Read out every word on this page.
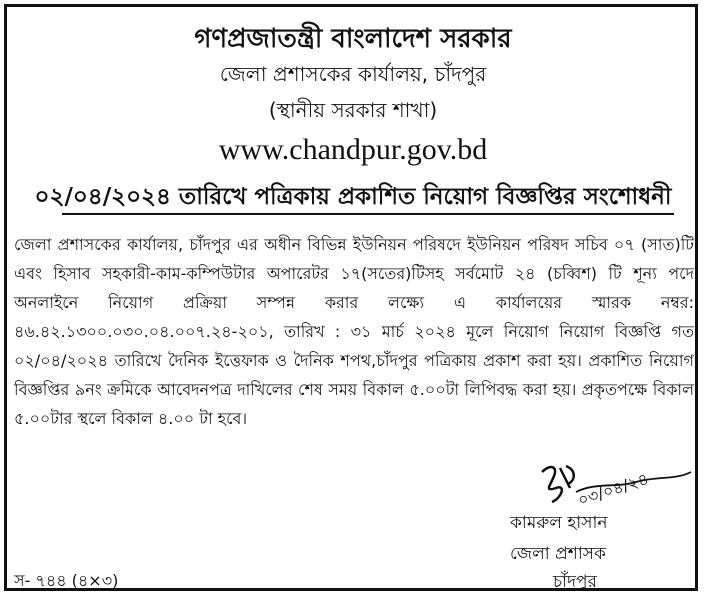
গণপ্রজাতন্ত্রী বাংলাদেশ সরকার
জেলা প্রশাসকের কার্যালয়, চাঁদপুর
(স্থানীয় সরকার শাখা)
www.chandpur.gov.bd
০২/০৪/২০২৪ তারিখে পত্রিকায় প্রকাশিত নিয়োগ বিজ্ঞপ্তির সংশোধনী

জেলা প্রশাসকের কার্যালয়, চাঁদপুর এর অধীন বিভিন্ন ইউনিয়ন পরিষদে ইউনিয়ন পরিষদ সচিব ০৭ (সাত)টি এবং হিসাব সহকারী-কাম-কম্পিউটার অপারেটর ১৭(সতের)টিসহ সর্বমোট ২৪ (চব্বিশ) টি শূন্য পদে অনলাইনে নিয়োগ প্রক্রিয়া সম্পন্ন করার লক্ষ্যে এ কার্যালয়ের স্মারক নম্বর: ৪৬.৪২.১৩০০.০৩০.০৪.০০৭.২৪-২০১, তারিখ : ৩১ মার্চ ২০২৪ মূলে নিয়োগ নিয়োগ বিজ্ঞপ্তি গত ০২/০৪/২০২৪ তারিখে দৈনিক ইত্তেফাক ও দৈনিক শপথ,চাঁদপুর পত্রিকায় প্রকাশ করা হয়। প্রকাশিত নিয়োগ বিজ্ঞপ্তির ৯নং ক্রমিকে আবেদনপত্র দাখিলের শেষ সময় বিকাল ৫.০০টা লিপিবদ্ধ করা হয়। প্রকৃতপক্ষে বিকাল ৫.০০টার স্থলে বিকাল ৪.০০ টা হবে।

০৩/০৪/২৪
কামরুল হাসান
জেলা প্রশাসক
চাঁদপুর
স- ৭৪৪ (৪×৩)
